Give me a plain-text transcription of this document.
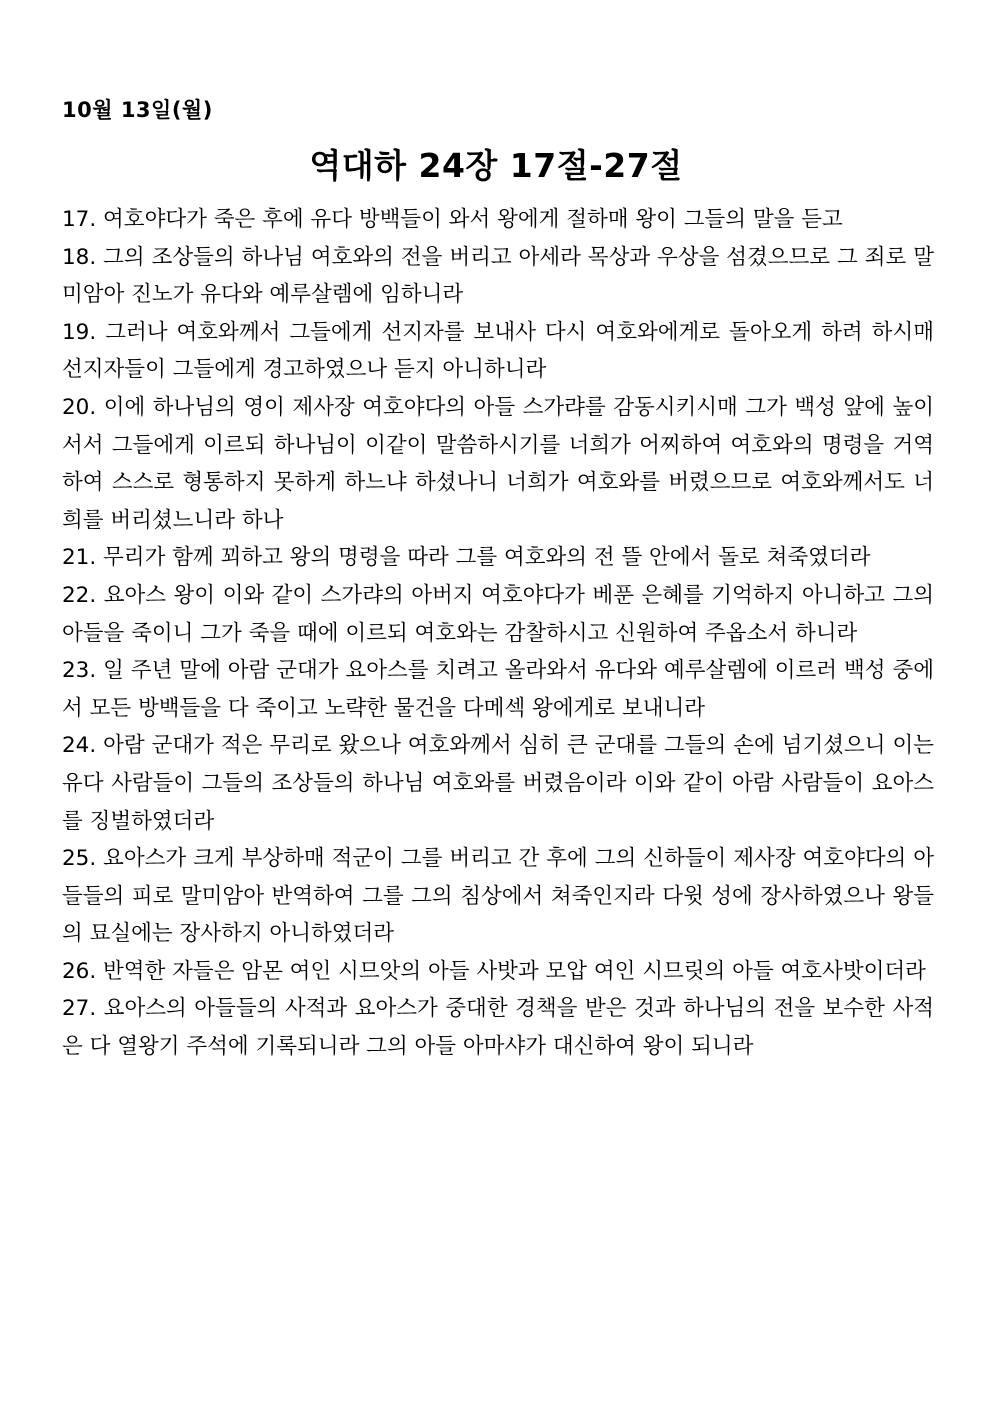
10월 13일(월)
역대하 24장 17절-27절

17. 여호야다가 죽은 후에 유다 방백들이 와서 왕에게 절하매 왕이 그들의 말을 듣고

18. 그의 조상들의 하나님 여호와의 전을 버리고 아세라 목상과 우상을 섬겼으므로 그 죄로 말미암아 진노가 유다와 예루살렘에 임하니라

19. 그러나 여호와께서 그들에게 선지자를 보내사 다시 여호와에게로 돌아오게 하려 하시매 선지자들이 그들에게 경고하였으나 듣지 아니하니라

20. 이에 하나님의 영이 제사장 여호야다의 아들 스가랴를 감동시키시매 그가 백성 앞에 높이 서서 그들에게 이르되 하나님이 이같이 말씀하시기를 너희가 어찌하여 여호와의 명령을 거역하여 스스로 형통하지 못하게 하느냐 하셨나니 너희가 여호와를 버렸으므로 여호와께서도 너희를 버리셨느니라 하나

21. 무리가 함께 꾀하고 왕의 명령을 따라 그를 여호와의 전 뜰 안에서 돌로 쳐죽였더라

22. 요아스 왕이 이와 같이 스가랴의 아버지 여호야다가 베푼 은혜를 기억하지 아니하고 그의 아들을 죽이니 그가 죽을 때에 이르되 여호와는 감찰하시고 신원하여 주옵소서 하니라

23. 일 주년 말에 아람 군대가 요아스를 치려고 올라와서 유다와 예루살렘에 이르러 백성 중에서 모든 방백들을 다 죽이고 노략한 물건을 다메섹 왕에게로 보내니라

24. 아람 군대가 적은 무리로 왔으나 여호와께서 심히 큰 군대를 그들의 손에 넘기셨으니 이는 유다 사람들이 그들의 조상들의 하나님 여호와를 버렸음이라 이와 같이 아람 사람들이 요아스를 징벌하였더라

25. 요아스가 크게 부상하매 적군이 그를 버리고 간 후에 그의 신하들이 제사장 여호야다의 아들들의 피로 말미암아 반역하여 그를 그의 침상에서 쳐죽인지라 다윗 성에 장사하였으나 왕들의 묘실에는 장사하지 아니하였더라

26. 반역한 자들은 암몬 여인 시므앗의 아들 사밧과 모압 여인 시므릿의 아들 여호사밧이더라

27. 요아스의 아들들의 사적과 요아스가 중대한 경책을 받은 것과 하나님의 전을 보수한 사적은 다 열왕기 주석에 기록되니라 그의 아들 아마샤가 대신하여 왕이 되니라
